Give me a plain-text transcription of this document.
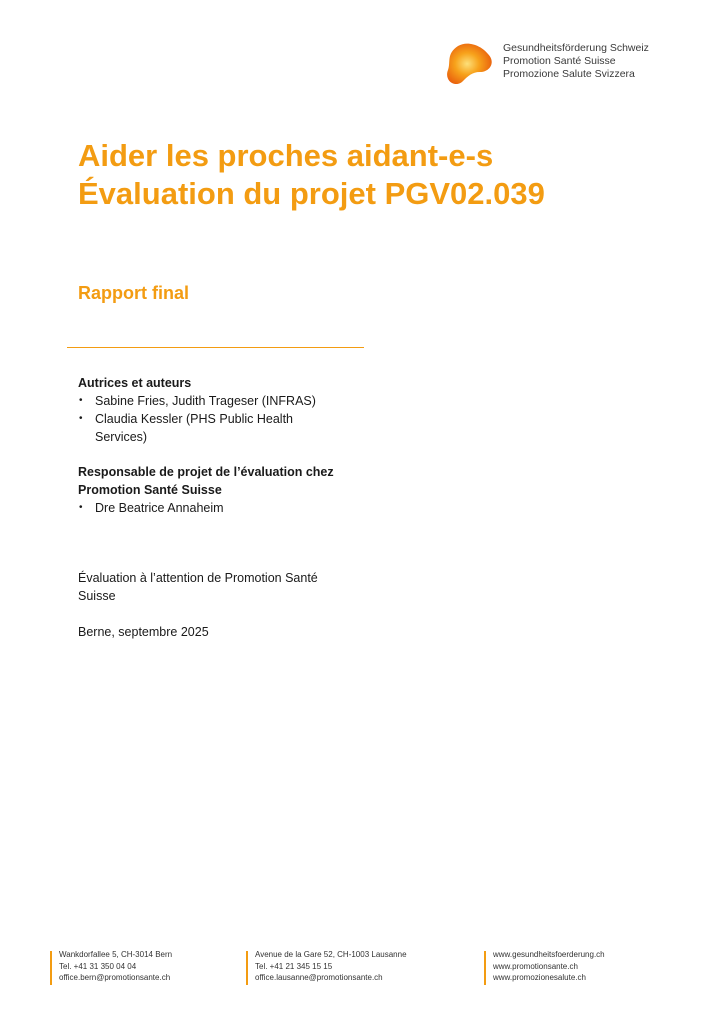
Gesundheitsförderung Schweiz
Promotion Santé Suisse
Promozione Salute Svizzera
Aider les proches aidant-e-s
Évaluation du projet PGV02.039
Rapport final
Autrices et auteurs
• Sabine Fries, Judith Trageser (INFRAS)
• Claudia Kessler (PHS Public Health
Services)
Responsable de projet de l’évaluation chez
Promotion Santé Suisse
• Dre Beatrice Annaheim
Évaluation à l’attention de Promotion Santé
Suisse
Berne, septembre 2025
Wankdorfallee 5, CH-3014 Bern
Tel. +41 31 350 04 04
office.bern@promotionsante.ch
Avenue de la Gare 52, CH-1003 Lausanne
Tel. +41 21 345 15 15
office.lausanne@promotionsante.ch
www.gesundheitsfoerderung.ch
www.promotionsante.ch
www.promozionesalute.ch
